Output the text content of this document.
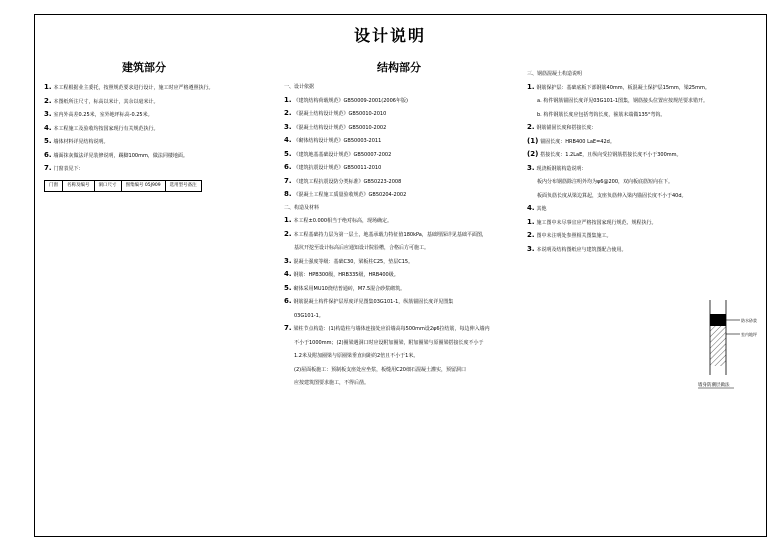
设计说明
建筑部分
1. 本工程根据业主委托，按照规范要求进行设计，施工时应严格遵照执行。
2. 本图纸所注尺寸，标高以米计，其余以毫米计。
3. 室内外高差0.25米，室外地坪标高-0.25米。
4. 本工程施工及验收均按国家现行有关规范执行。
5. 墙体材料详见结构说明。
6. 墙面抹灰做法详见装修说明，踢脚100mm，做法同楼地面。
7. 门窗表见下：
门窗	名称及编号	洞口尺寸	图集编号 05J909	选用型号备注
结构部分
一、设计依据
1. 《建筑结构荷载规范》GB50009-2001(2006年版)
2. 《混凝土结构设计规范》GB50010-2010
3. 《混凝土结构设计规范》GB50010-2002
4. 《砌体结构设计规范》GB50003-2011
5. 《建筑地基基础设计规范》GB50007-2002
6. 《建筑抗震设计规范》GB50011-2010
7. 《建筑工程抗震设防分类标准》GB50223-2008
8. 《混凝土工程施工质量验收规范》GB50204-2002
二、构造及材料
1. 本工程±0.000相当于绝对标高，现场确定。
2. 本工程基础持力层为第一层土，地基承载力特征值180kPa，基础埋深详见基础平面图，
基坑开挖至设计标高后应通知设计院验槽，合格后方可施工。
3. 混凝土强度等级：基础C30，梁板柱C25，垫层C15。
4. 钢筋：HPB300级，HRB335级，HRB400级。
5. 砌体采用MU10烧结普通砖，M7.5混合砂浆砌筑。
6. 钢筋混凝土构件保护层厚度详见图集03G101-1，纵筋锚固长度详见图集
03G101-1。
7. 梁柱节点构造：(1)构造柱与墙体连接处应沿墙高每500mm设2φ6拉结筋，每边伸入墙内
不小于1000mm；(2)圈梁遇洞口时应设附加圈梁，附加圈梁与原圈梁搭接长度不小于
1.2米及附加圈梁与原圈梁垂直间距的2倍且不小于1米。
(2)屋面板施工：预制板支座处应坐浆，板缝用C20细石混凝土灌实，预留洞口
应按建筑图要求施工，不得后凿。
三、钢筋混凝土构造说明
1. 钢筋保护层：基础底板下部钢筋40mm，板混凝土保护层15mm，梁25mm。
a. 构件钢筋锚固长度详见03G101-1图集，钢筋接头位置应按规范要求错开。
b. 构件钢筋长度应包括弯钩长度，箍筋末端做135°弯钩。
2. 钢筋锚固长度和搭接长度：
(1) 锚固长度：HRB400 LaE=42d。
(2) 搭接长度：1.2LaE，且纵向受拉钢筋搭接长度不小于300mm。
3. 现浇板钢筋构造说明：
板内分布钢筋除注明外均为φ6@200，双向板底筋短向在下。
板面负筋长度从梁边算起，支座负筋伸入梁内锚固长度不小于40d。
4. 其他
1. 施工图中未尽事宜应严格按国家现行规范、规程执行。
2. 图中未注明处参照相关图集施工。
3. 本说明及结构图纸应与建筑图配合使用。
防水砂浆
室内地坪
墙身防潮层做法
